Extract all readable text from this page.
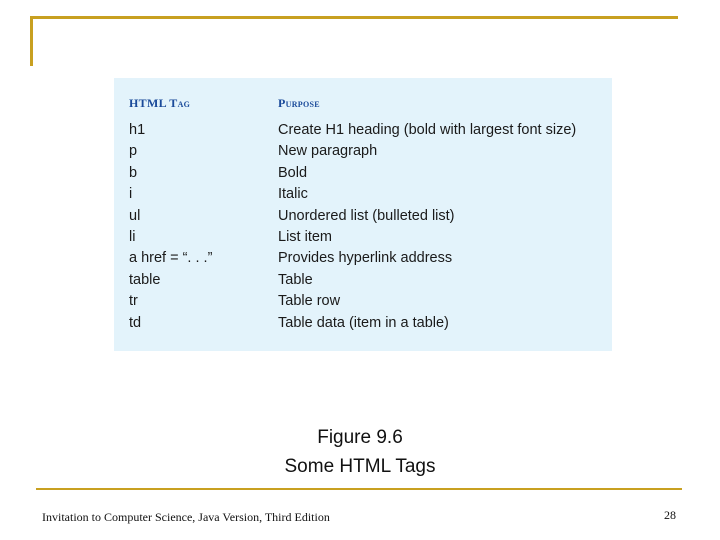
HTML Tag	Purpose
h1	Create H1 heading (bold with largest font size)
p	New paragraph
b	Bold
i	Italic
ul	Unordered list (bulleted list)
li	List item
a href = “. . .”	Provides hyperlink address
table	Table
tr	Table row
td	Table data (item in a table)
Figure 9.6
Some HTML Tags
Invitation to Computer Science, Java Version, Third Edition	28
